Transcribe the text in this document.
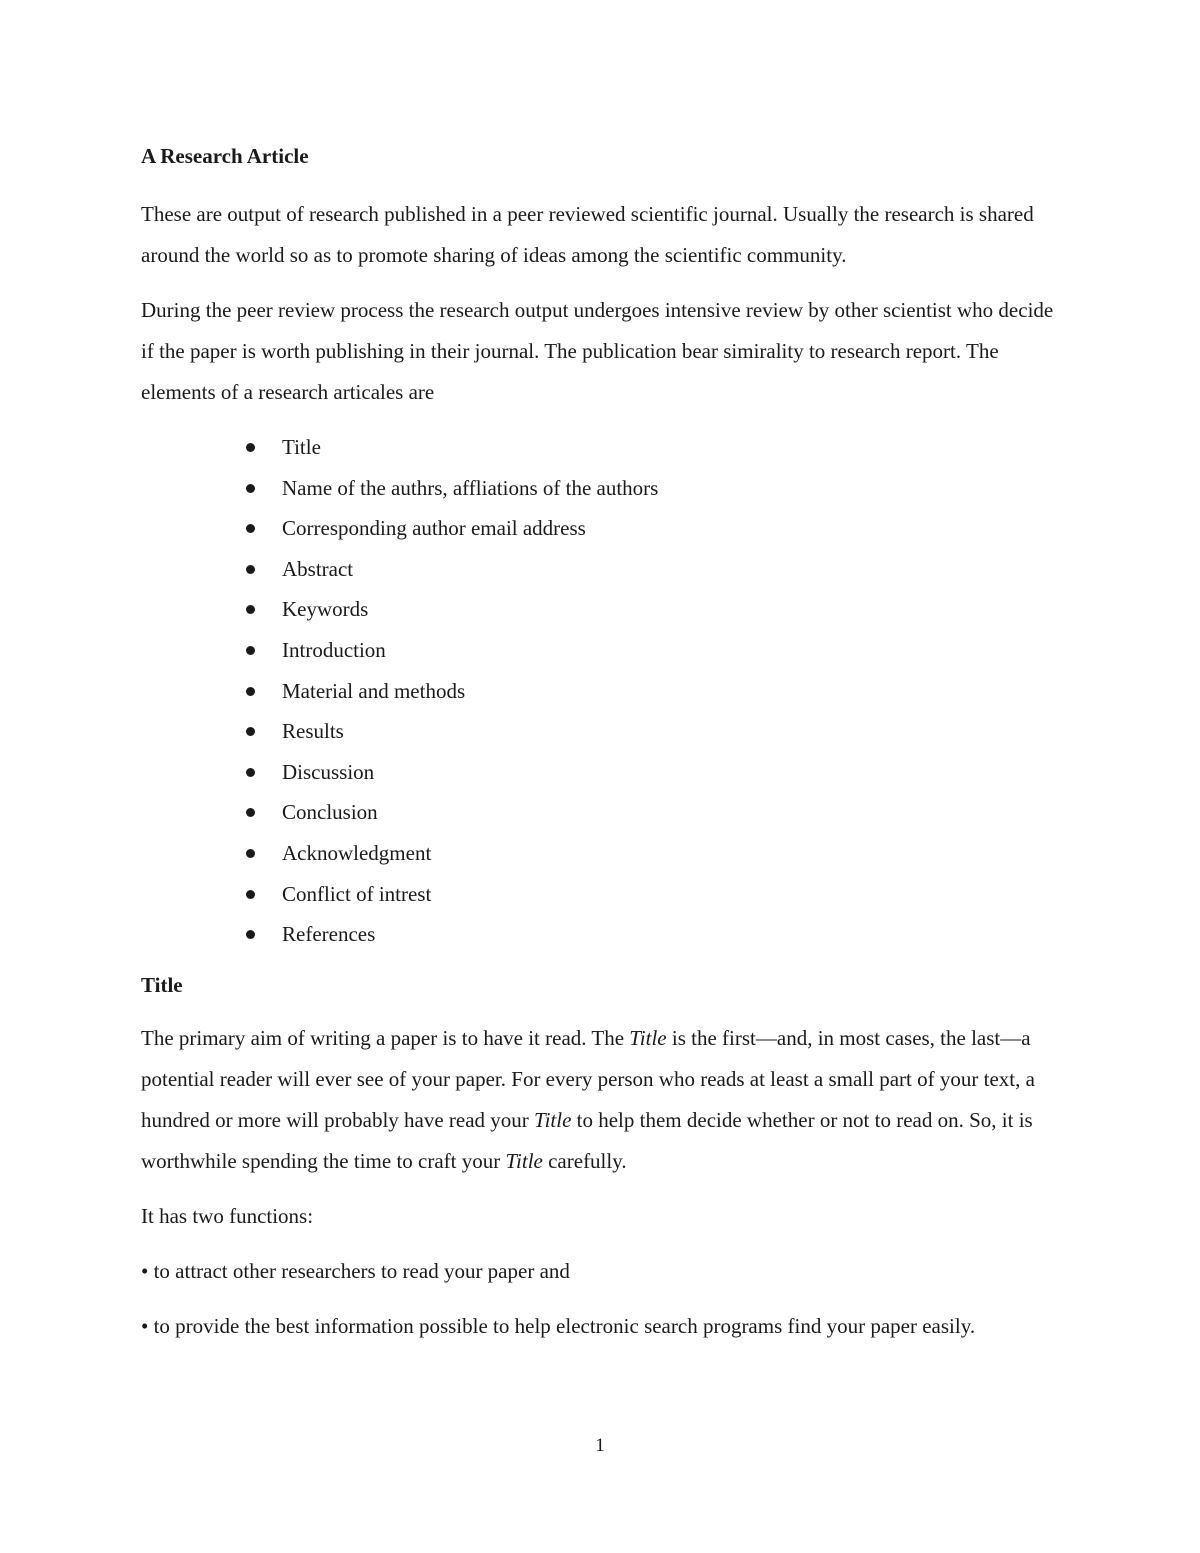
A Research Article

These are output of research published in a peer reviewed scientific journal. Usually the research is shared around the world so as to promote sharing of ideas among the scientific community.

During the peer review process the research output undergoes intensive review by other scientist who decide if the paper is worth publishing in their journal. The publication bear simirality to research report. The elements of a research articales are

Title
Name of the authrs, affliations of the authors
Corresponding author email address
Abstract
Keywords
Introduction
Material and methods
Results
Discussion
Conclusion
Acknowledgment
Conflict of intrest
References
Title

The primary aim of writing a paper is to have it read. The Title is the first—and, in most cases, the last—a potential reader will ever see of your paper. For every person who reads at least a small part of your text, a hundred or more will probably have read your Title to help them decide whether or not to read on. So, it is worthwhile spending the time to craft your Title carefully.

It has two functions:

• to attract other researchers to read your paper and

• to provide the best information possible to help electronic search programs find your paper easily.

1
